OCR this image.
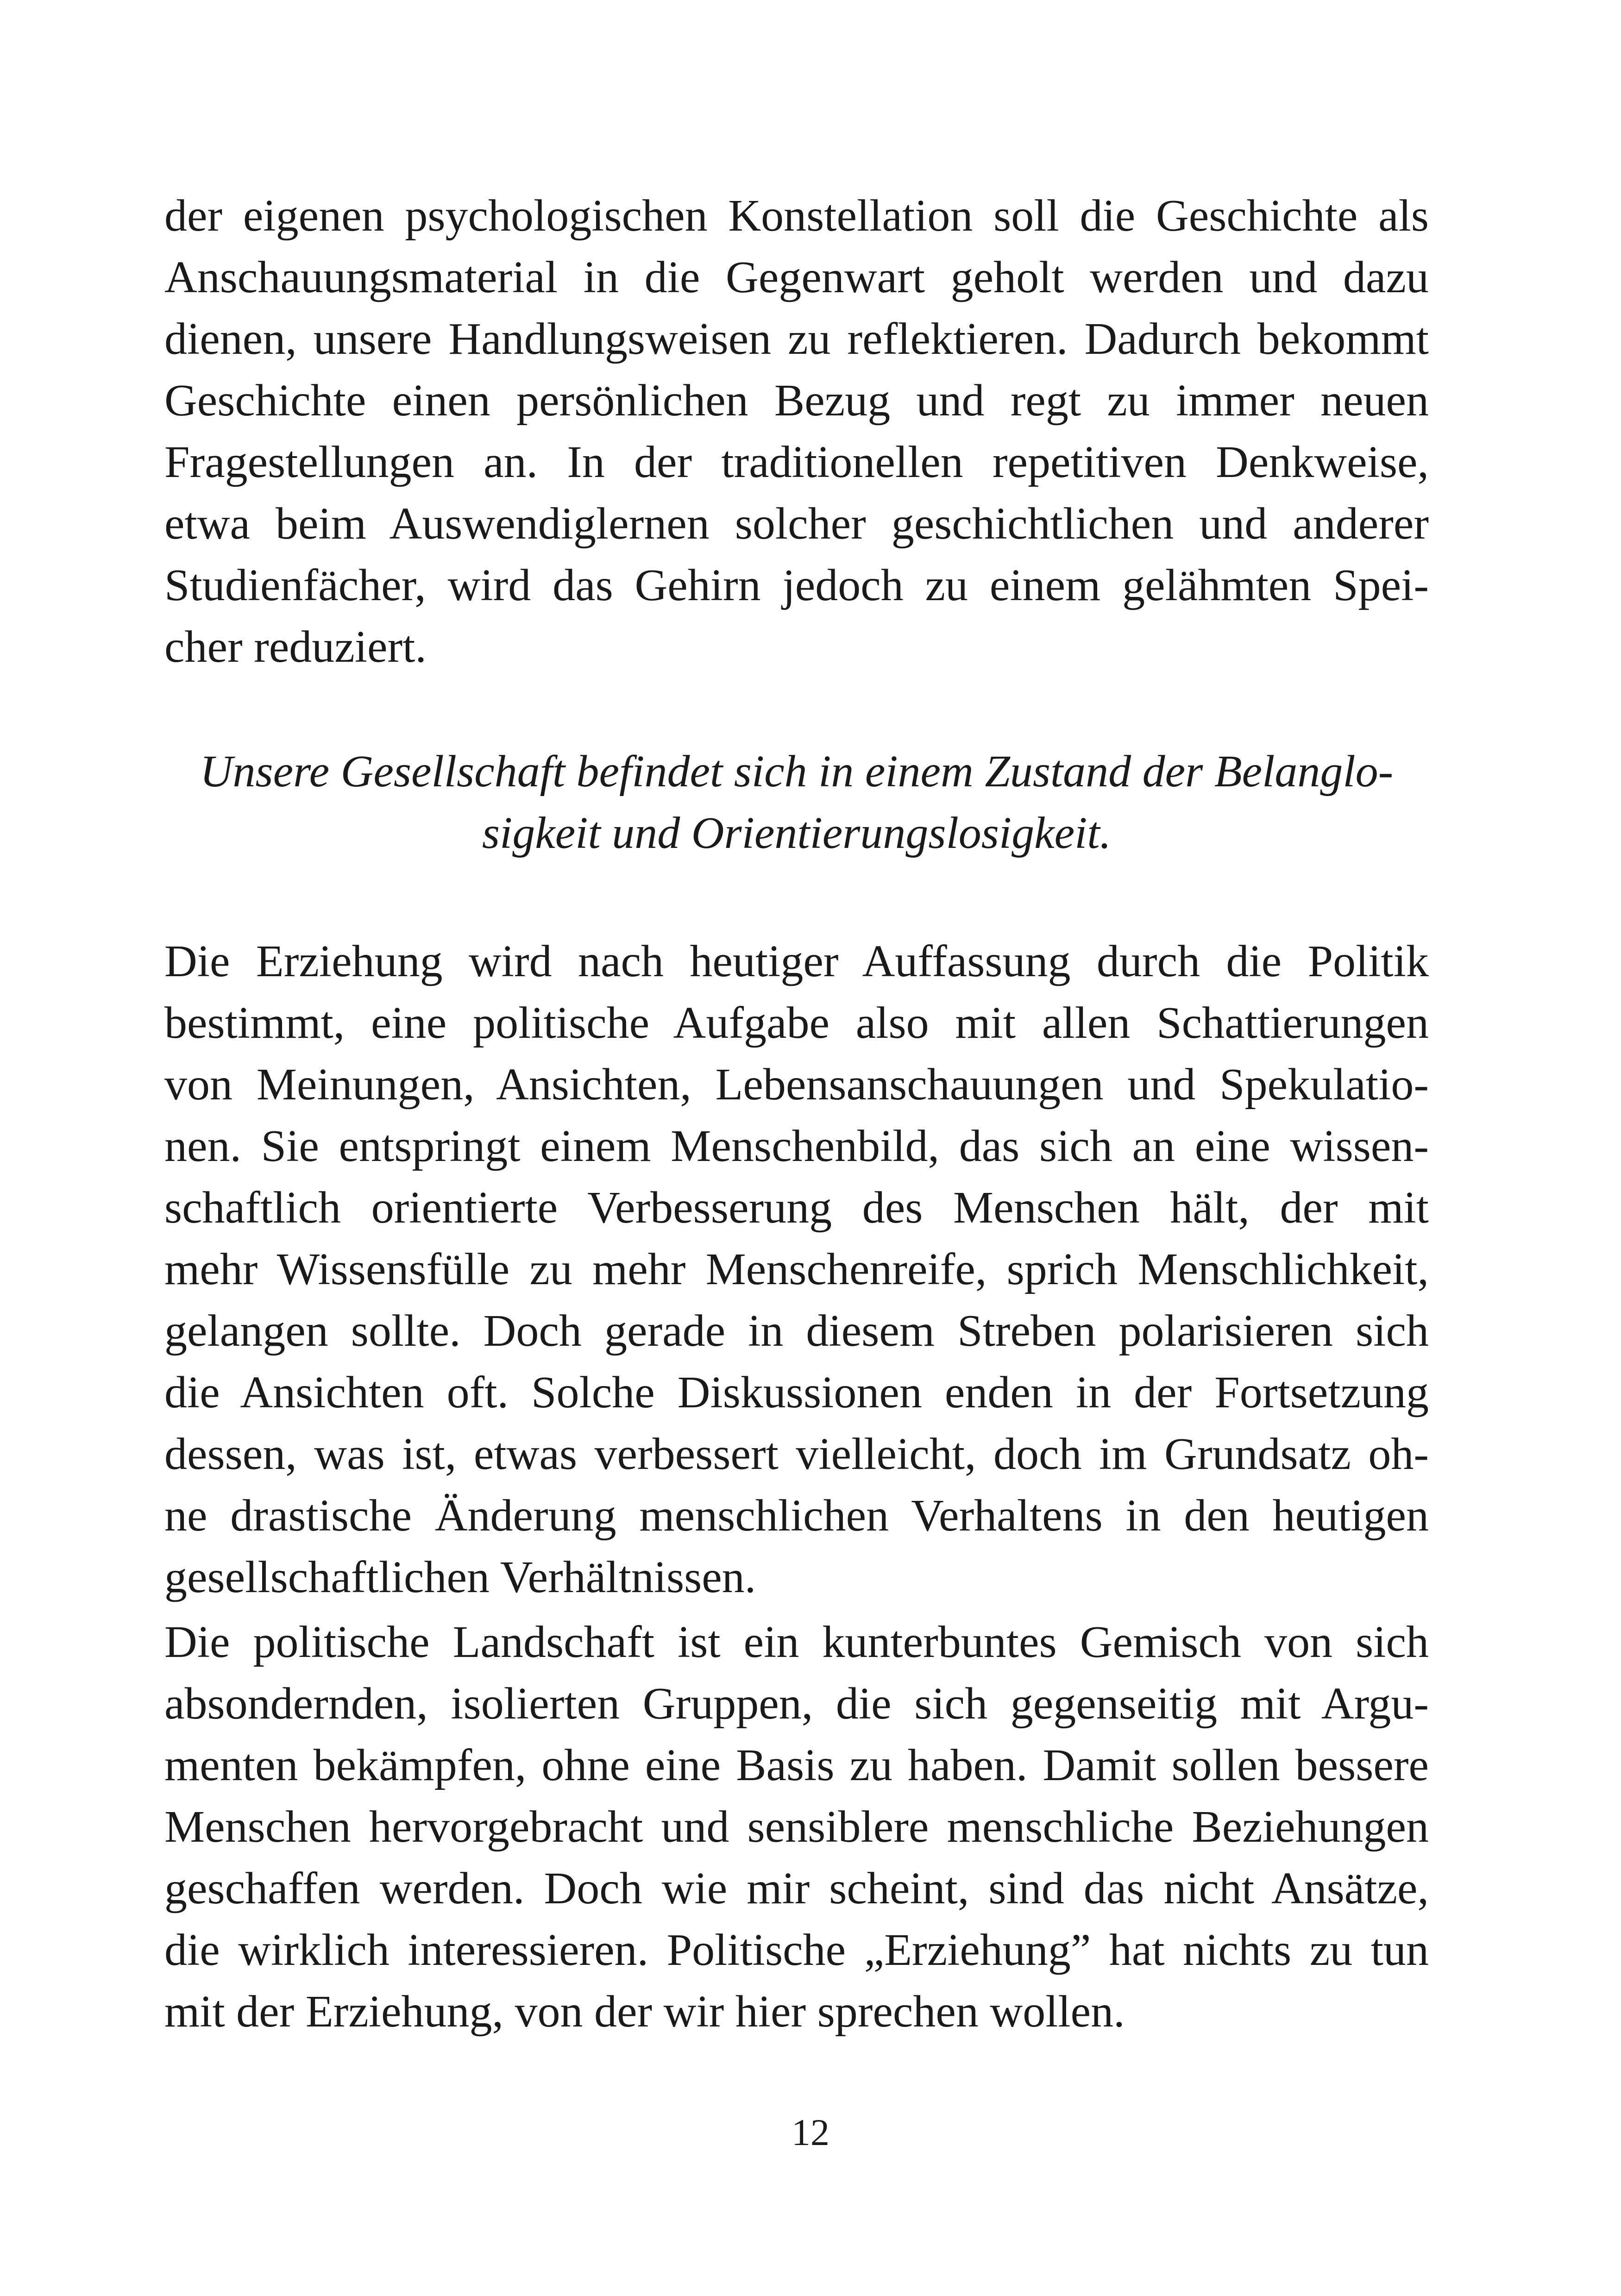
der eigenen psychologischen Konstellation soll die Geschichte als
Anschauungsmaterial in die Gegenwart geholt werden und dazu
dienen, unsere Handlungsweisen zu reflektieren. Dadurch bekommt
Geschichte einen persönlichen Bezug und regt zu immer neuen
Fragestellungen an. In der traditionellen repetitiven Denkweise,
etwa beim Auswendiglernen solcher geschichtlichen und anderer
Studienfächer, wird das Gehirn jedoch zu einem gelähmten Spei-
cher reduziert.
Unsere Gesellschaft befindet sich in einem Zustand der Belanglo-
sigkeit und Orientierungslosigkeit.
Die Erziehung wird nach heutiger Auffassung durch die Politik
bestimmt, eine politische Aufgabe also mit allen Schattierungen
von Meinungen, Ansichten, Lebensanschauungen und Spekulatio-
nen. Sie entspringt einem Menschenbild, das sich an eine wissen-
schaftlich orientierte Verbesserung des Menschen hält, der mit
mehr Wissensfülle zu mehr Menschenreife, sprich Menschlichkeit,
gelangen sollte. Doch gerade in diesem Streben polarisieren sich
die Ansichten oft. Solche Diskussionen enden in der Fortsetzung
dessen, was ist, etwas verbessert vielleicht, doch im Grundsatz oh-
ne drastische Änderung menschlichen Verhaltens in den heutigen
gesellschaftlichen Verhältnissen.
Die politische Landschaft ist ein kunterbuntes Gemisch von sich
absondernden, isolierten Gruppen, die sich gegenseitig mit Argu-
menten bekämpfen, ohne eine Basis zu haben. Damit sollen bessere
Menschen hervorgebracht und sensiblere menschliche Beziehungen
geschaffen werden. Doch wie mir scheint, sind das nicht Ansätze,
die wirklich interessieren. Politische „Erziehung” hat nichts zu tun
mit der Erziehung, von der wir hier sprechen wollen.
12
